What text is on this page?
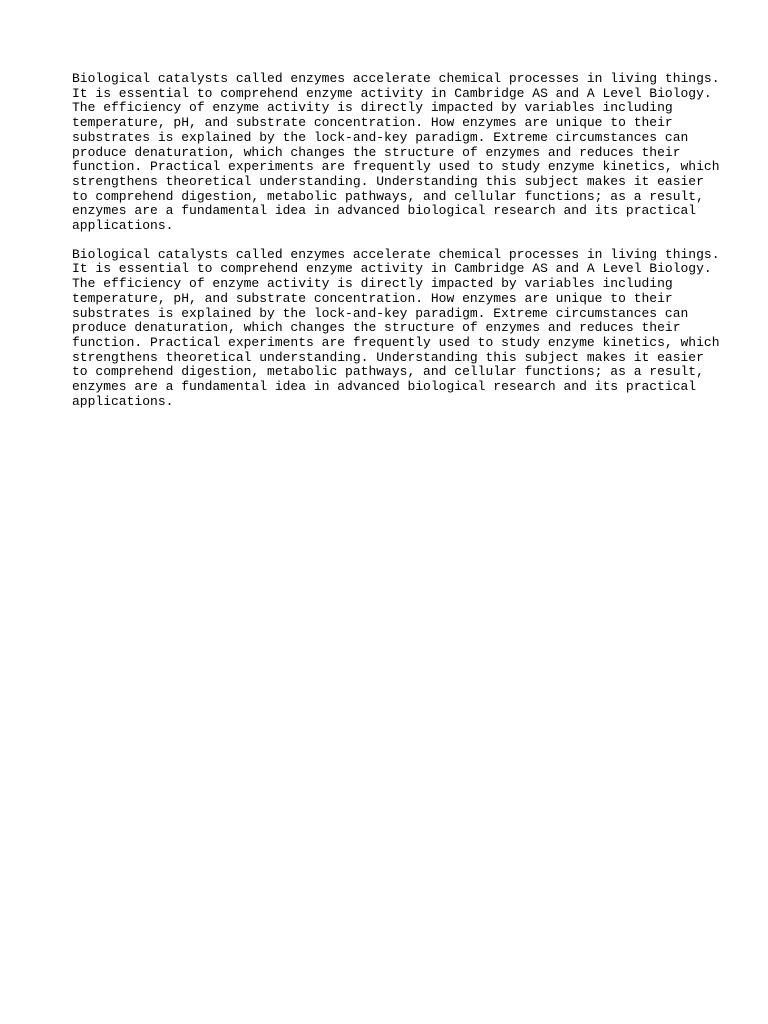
Biological catalysts called enzymes accelerate chemical processes in living things.
It is essential to comprehend enzyme activity in Cambridge AS and A Level Biology.
The efficiency of enzyme activity is directly impacted by variables including
temperature, pH, and substrate concentration. How enzymes are unique to their
substrates is explained by the lock-and-key paradigm. Extreme circumstances can
produce denaturation, which changes the structure of enzymes and reduces their
function. Practical experiments are frequently used to study enzyme kinetics, which
strengthens theoretical understanding. Understanding this subject makes it easier
to comprehend digestion, metabolic pathways, and cellular functions; as a result,
enzymes are a fundamental idea in advanced biological research and its practical
applications.

Biological catalysts called enzymes accelerate chemical processes in living things.
It is essential to comprehend enzyme activity in Cambridge AS and A Level Biology.
The efficiency of enzyme activity is directly impacted by variables including
temperature, pH, and substrate concentration. How enzymes are unique to their
substrates is explained by the lock-and-key paradigm. Extreme circumstances can
produce denaturation, which changes the structure of enzymes and reduces their
function. Practical experiments are frequently used to study enzyme kinetics, which
strengthens theoretical understanding. Understanding this subject makes it easier
to comprehend digestion, metabolic pathways, and cellular functions; as a result,
enzymes are a fundamental idea in advanced biological research and its practical
applications.
